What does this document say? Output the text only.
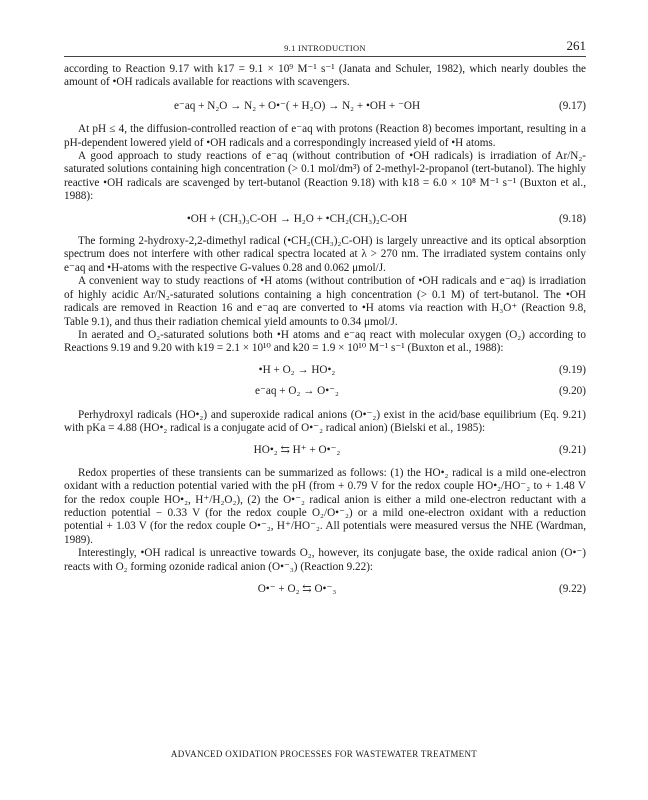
9.1 INTRODUCTION	261

according to Reaction 9.17 with k17 = 9.1 × 10⁹ M⁻¹ s⁻¹ (Janata and Schuler, 1982), which nearly doubles the amount of •OH radicals available for reactions with scavengers.

e⁻aq + N₂O → N₂ + O•⁻( + H₂O) → N₂ + •OH + ⁻OH	(9.17)

At pH ≤ 4, the diffusion-controlled reaction of e⁻aq with protons (Reaction 8) becomes important, resulting in a pH-dependent lowered yield of •OH radicals and a correspondingly increased yield of •H atoms.

A good approach to study reactions of e⁻aq (without contribution of •OH radicals) is irradiation of Ar/N₂-saturated solutions containing high concentration (> 0.1 mol/dm³) of 2-methyl-2-propanol (tert-butanol). The highly reactive •OH radicals are scavenged by tert-butanol (Reaction 9.18) with k18 = 6.0 × 10⁸ M⁻¹ s⁻¹ (Buxton et al., 1988):

•OH + (CH₃)₃C-OH → H₂O + •CH₂(CH₃)₂C-OH	(9.18)

The forming 2-hydroxy-2,2-dimethyl radical (•CH₂(CH₃)₂C-OH) is largely unreactive and its optical absorption spectrum does not interfere with other radical spectra located at λ > 270 nm. The irradiated system contains only e⁻aq and •H-atoms with the respective G-values 0.28 and 0.062 μmol/J.

A convenient way to study reactions of •H atoms (without contribution of •OH radicals and e⁻aq) is irradiation of highly acidic Ar/N₂-saturated solutions containing a high concentration (> 0.1 M) of tert-butanol. The •OH radicals are removed in Reaction 16 and e⁻aq are converted to •H atoms via reaction with H₃O⁺ (Reaction 9.8, Table 9.1), and thus their radiation chemical yield amounts to 0.34 μmol/J.

In aerated and O₂-saturated solutions both •H atoms and e⁻aq react with molecular oxygen (O₂) according to Reactions 9.19 and 9.20 with k19 = 2.1 × 10¹⁰ and k20 = 1.9 × 10¹⁰ M⁻¹ s⁻¹ (Buxton et al., 1988):

•H + O₂ → HO•₂	(9.19)
e⁻aq + O₂ → O•⁻₂	(9.20)

Perhydroxyl radicals (HO•₂) and superoxide radical anions (O•⁻₂) exist in the acid/base equilibrium (Eq. 9.21) with pKa = 4.88 (HO•₂ radical is a conjugate acid of O•⁻₂ radical anion) (Bielski et al., 1985):

HO•₂ ⇆ H⁺ + O•⁻₂	(9.21)

Redox properties of these transients can be summarized as follows: (1) the HO•₂ radical is a mild one-electron oxidant with a reduction potential varied with the pH (from + 0.79 V for the redox couple HO•₂/HO⁻₂ to + 1.48 V for the redox couple HO•₂, H⁺/H₂O₂), (2) the O•⁻₂ radical anion is either a mild one-electron reductant with a reduction potential − 0.33 V (for the redox couple O₂/O•⁻₂) or a mild one-electron oxidant with a reduction potential + 1.03 V (for the redox couple O•⁻₂, H⁺/HO⁻₂. All potentials were measured versus the NHE (Wardman, 1989).

Interestingly, •OH radical is unreactive towards O₂, however, its conjugate base, the oxide radical anion (O•⁻) reacts with O₂ forming ozonide radical anion (O•⁻₃) (Reaction 9.22):

O•⁻ + O₂ ⇆ O•⁻₃	(9.22)
ADVANCED OXIDATION PROCESSES FOR WASTEWATER TREATMENT
